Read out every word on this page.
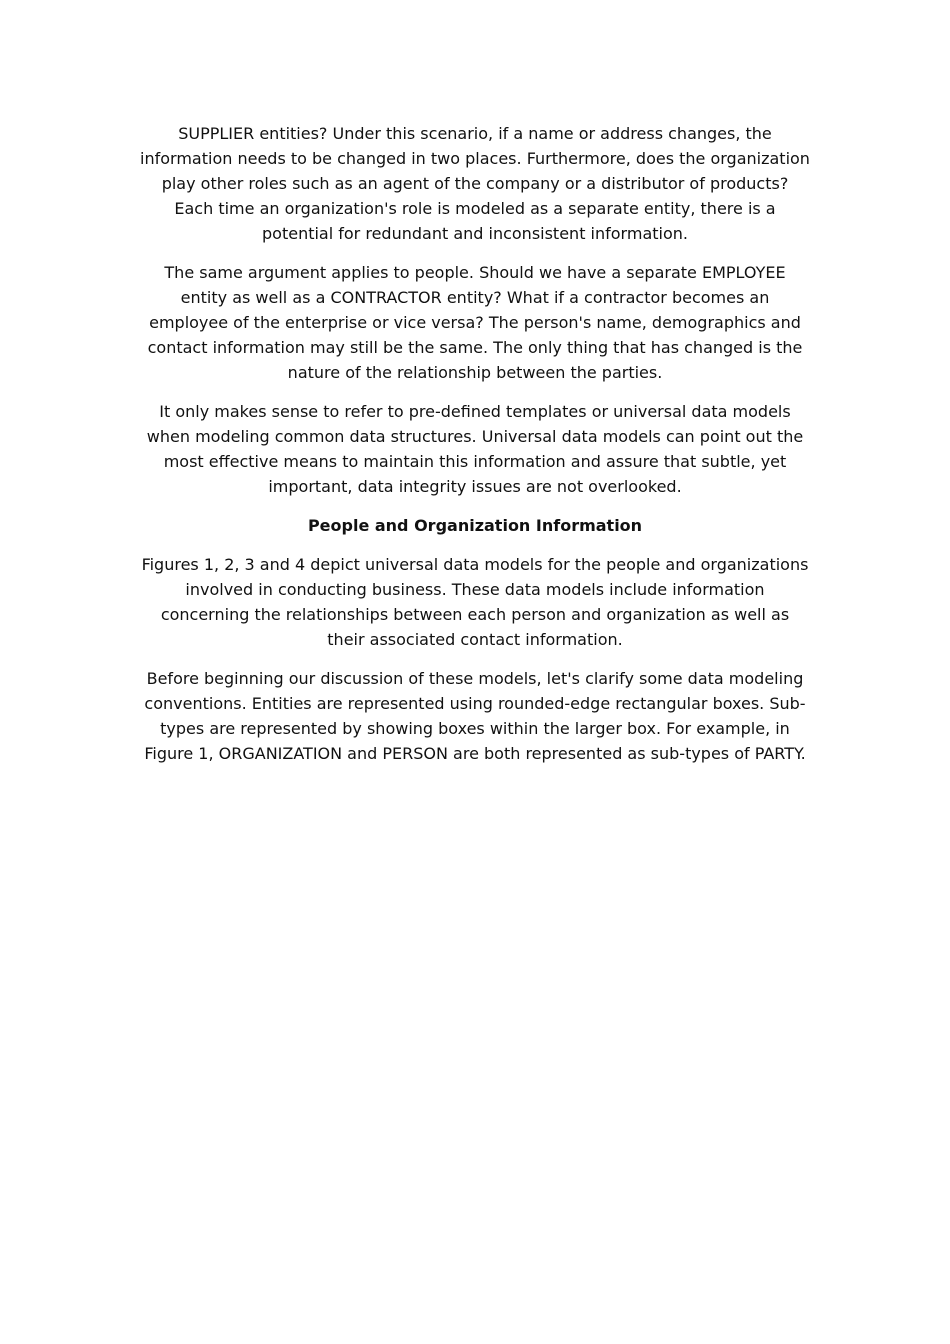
SUPPLIER entities? Under this scenario, if a name or address changes, the information needs to be changed in two places. Furthermore, does the organization play other roles such as an agent of the company or a distributor of products? Each time an organization's role is modeled as a separate entity, there is a potential for redundant and inconsistent information.

The same argument applies to people. Should we have a separate EMPLOYEE entity as well as a CONTRACTOR entity? What if a contractor becomes an employee of the enterprise or vice versa? The person's name, demographics and contact information may still be the same. The only thing that has changed is the nature of the relationship between the parties.

It only makes sense to refer to pre-defined templates or universal data models when modeling common data structures. Universal data models can point out the most effective means to maintain this information and assure that subtle, yet important, data integrity issues are not overlooked.

People and Organization Information

Figures 1, 2, 3 and 4 depict universal data models for the people and organizations involved in conducting business. These data models include information concerning the relationships between each person and organization as well as their associated contact information.

Before beginning our discussion of these models, let's clarify some data modeling conventions. Entities are represented using rounded-edge rectangular boxes. Sub-types are represented by showing boxes within the larger box. For example, in Figure 1, ORGANIZATION and PERSON are both represented as sub-types of PARTY.
